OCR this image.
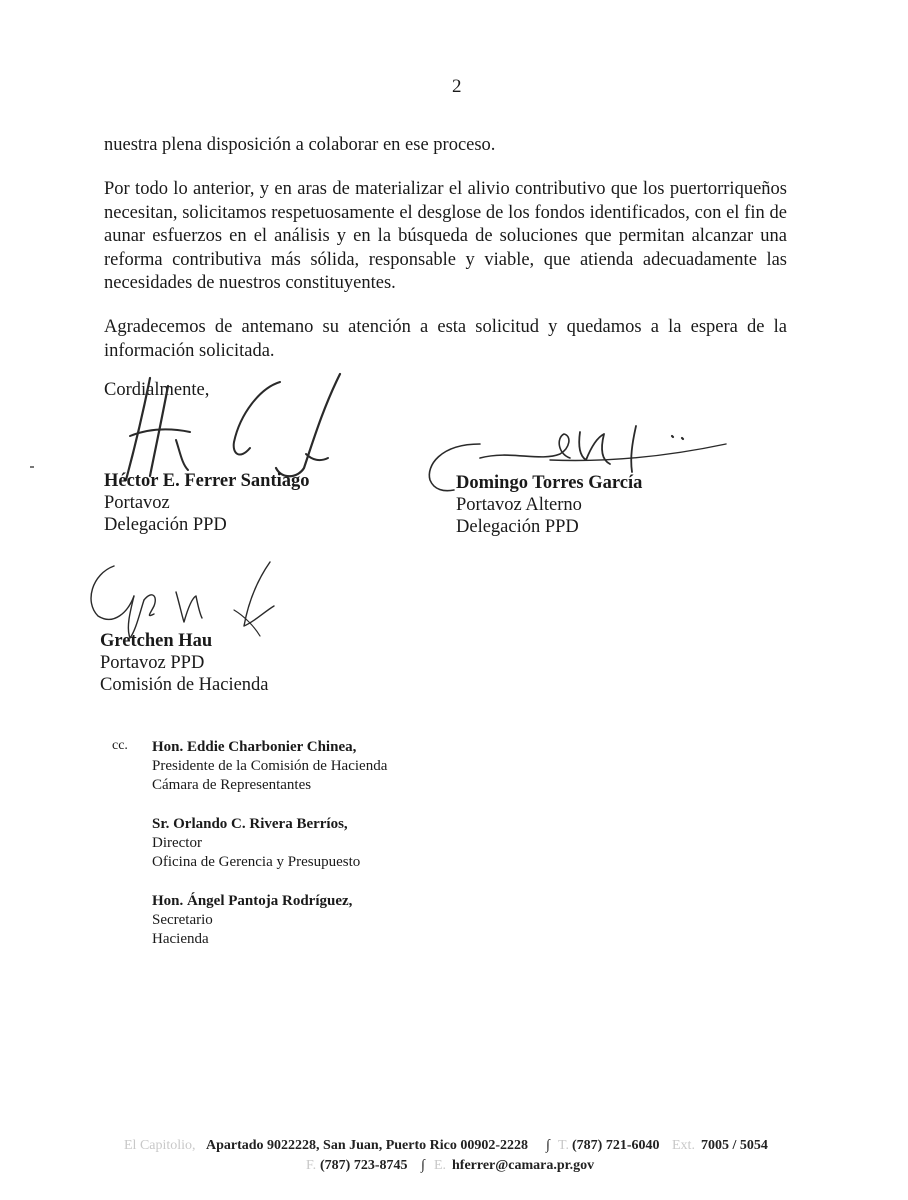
2

nuestra plena disposición a colaborar en ese proceso.

Por todo lo anterior, y en aras de materializar el alivio contributivo que los puertorriqueños necesitan, solicitamos respetuosamente el desglose de los fondos identificados, con el fin de aunar esfuerzos en el análisis y en la búsqueda de soluciones que permitan alcanzar una reforma contributiva más sólida, responsable y viable, que atienda adecuadamente las necesidades de nuestros constituyentes.

Agradecemos de antemano su atención a esta solicitud y quedamos a la espera de la información solicitada.

Cordialmente,
Héctor E. Ferrer Santiago
Portavoz
Delegación PPD
Domingo Torres García
Portavoz Alterno
Delegación PPD
Gretchen Hau
Portavoz PPD
Comisión de Hacienda
cc. Hon. Eddie Charbonier Chinea,
Presidente de la Comisión de Hacienda
Cámara de Representantes
Sr. Orlando C. Rivera Berríos,
Director
Oficina de Gerencia y Presupuesto
Hon. Ángel Pantoja Rodríguez,
Secretario
Hacienda
El Capitolio, Apartado 9022228, San Juan, Puerto Rico 00902-2228 ∫ T. (787) 721-6040 Ext. 7005 / 5054
F. (787) 723-8745 ∫ E. hferrer@camara.pr.gov
